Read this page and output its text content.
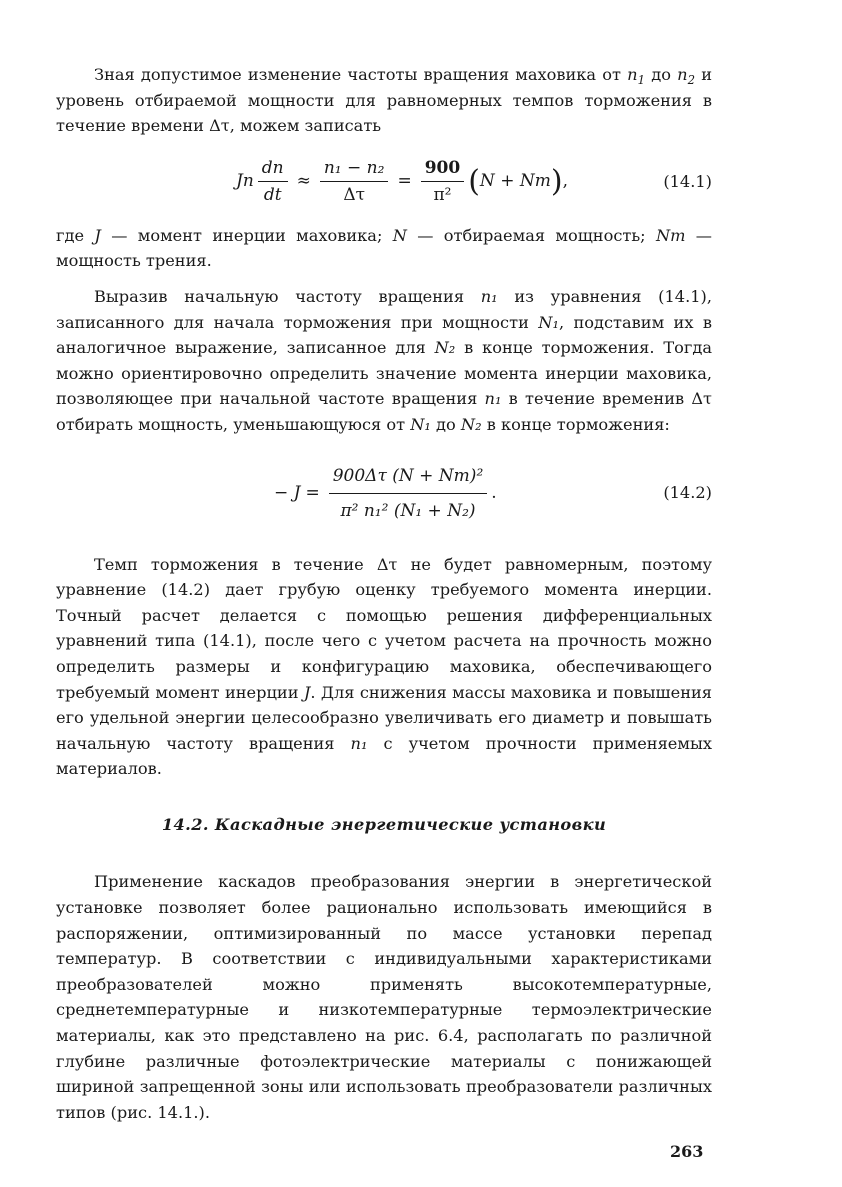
Зная допустимое изменение частоты вращения маховика от $n_1$ до $n_2$ и уровень отбираемой мощности для равномерных темпов торможения в течение времени Δτ, можем записать

Jn $\frac{dn}{dt} \approx \frac{\text{n₁ − n₂}}{\Delta\tau} = \frac{900}{\text{π²}}$ ( N + Nт ) ,	(14.1)

где J — момент инерции маховика; N — отбираемая мощность; Nт — мощность трения.

Выразив начальную частоту вращения n₁ из уравнения (14.1), записанного для начала торможения при мощности N₁, подставим их в аналогичное выражение, записанное для N₂ в конце торможения. Тогда можно ориентировочно определить значение момента инерции маховика, позволяющее при начальной частоте вращения n₁ в течение временив Δτ отбирать мощность, уменьшающуюся от N₁ до N₂ в конце торможения:

− $J = \frac{\text{900Δτ (N + Nт)²}}{\text{π² n₁² (N₁ + N₂)}}$ .	(14.2)

Темп торможения в течение Δτ не будет равномерным, поэтому уравнение (14.2) дает грубую оценку требуемого момента инерции. Точный расчет делается с помощью решения дифференциальных уравнений типа (14.1), после чего с учетом расчета на прочность можно определить размеры и конфигурацию маховика, обеспечивающего требуемый момент инерции J. Для снижения массы маховика и повышения его удельной энергии целесообразно увеличивать его диаметр и повышать начальную частоту вращения n₁ с учетом прочности применяемых материалов.

14.2. Каскадные энергетические установки

Применение каскадов преобразования энергии в энергетической установке позволяет более рационально использовать имеющийся в распоряжении, оптимизированный по массе установки перепад температур. В соответствии с индивидуальными характеристиками преобразователей можно применять высокотемпературные, среднетемпературные и низкотемпературные термоэлектрические материалы, как это представлено на рис. 6.4, располагать по различной глубине различные фотоэлектрические материалы с понижающей шириной запрещенной зоны или использовать преобразователи различных типов (рис. 14.1.).

263
